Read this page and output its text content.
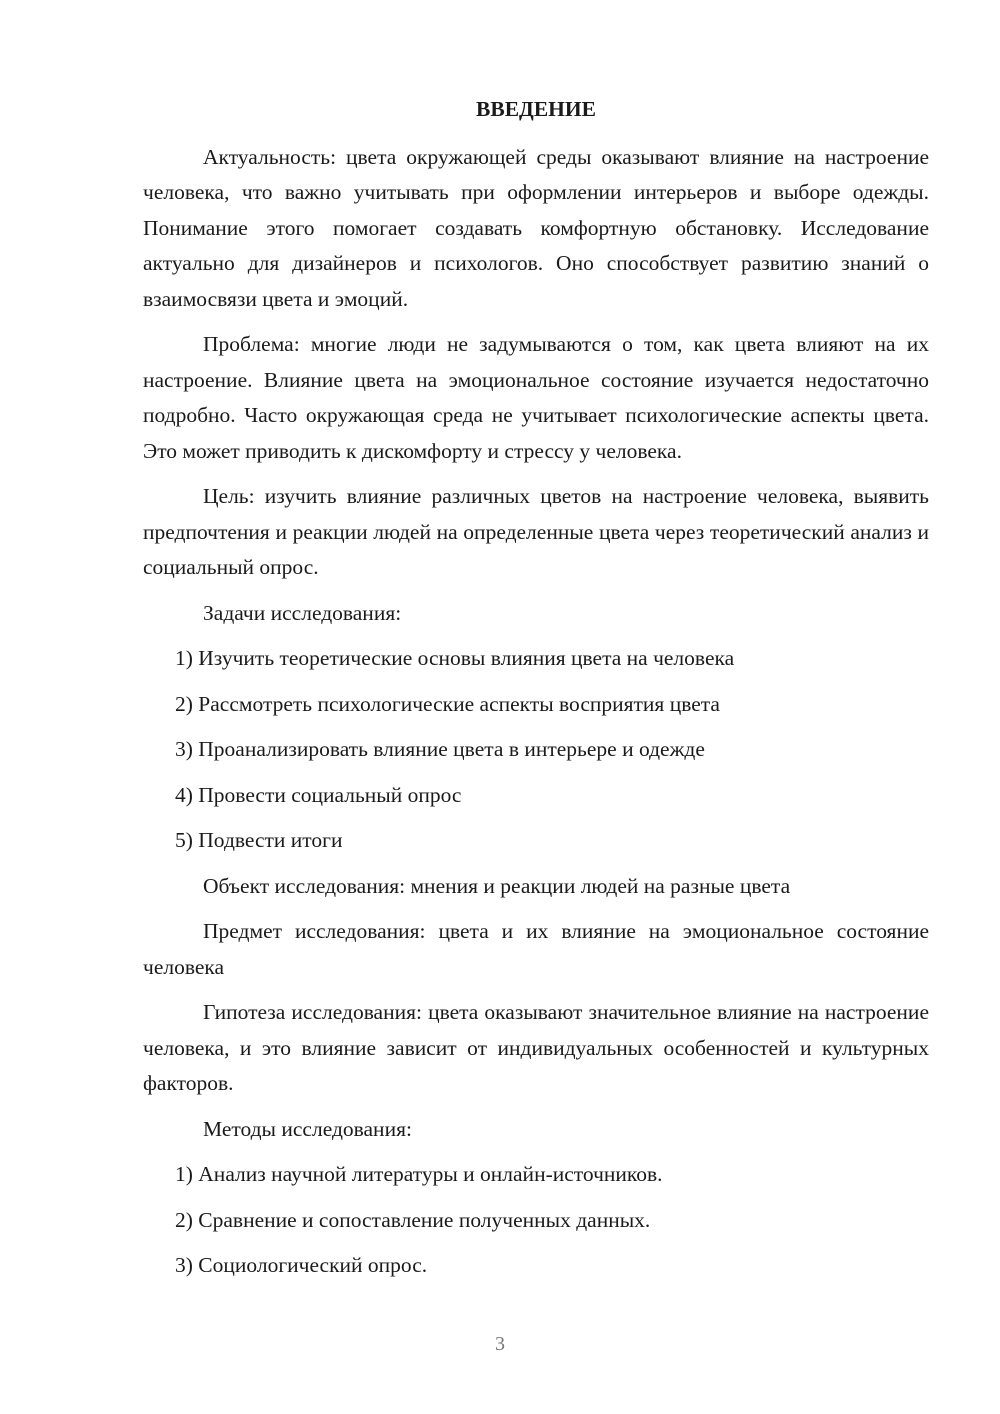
ВВЕДЕНИЕ

Актуальность: цвета окружающей среды оказывают влияние на настроение человека, что важно учитывать при оформлении интерьеров и выборе одежды. Понимание этого помогает создавать комфортную обстановку. Исследование актуально для дизайнеров и психологов. Оно способствует развитию знаний о взаимосвязи цвета и эмоций.

Проблема: многие люди не задумываются о том, как цвета влияют на их настроение. Влияние цвета на эмоциональное состояние изучается недостаточно подробно. Часто окружающая среда не учитывает психологические аспекты цвета. Это может приводить к дискомфорту и стрессу у человека.

Цель: изучить влияние различных цветов на настроение человека, выявить предпочтения и реакции людей на определенные цвета через теоретический анализ и социальный опрос.

Задачи исследования:

1) Изучить теоретические основы влияния цвета на человека

2) Рассмотреть психологические аспекты восприятия цвета

3) Проанализировать влияние цвета в интерьере и одежде

4) Провести социальный опрос

5) Подвести итоги

Объект исследования: мнения и реакции людей на разные цвета

Предмет исследования: цвета и их влияние на эмоциональное состояние человека

Гипотеза исследования: цвета оказывают значительное влияние на настроение человека, и это влияние зависит от индивидуальных особенностей и культурных факторов.

Методы исследования:

1) Анализ научной литературы и онлайн-источников.

2) Сравнение и сопоставление полученных данных.

3) Социологический опрос.

3
